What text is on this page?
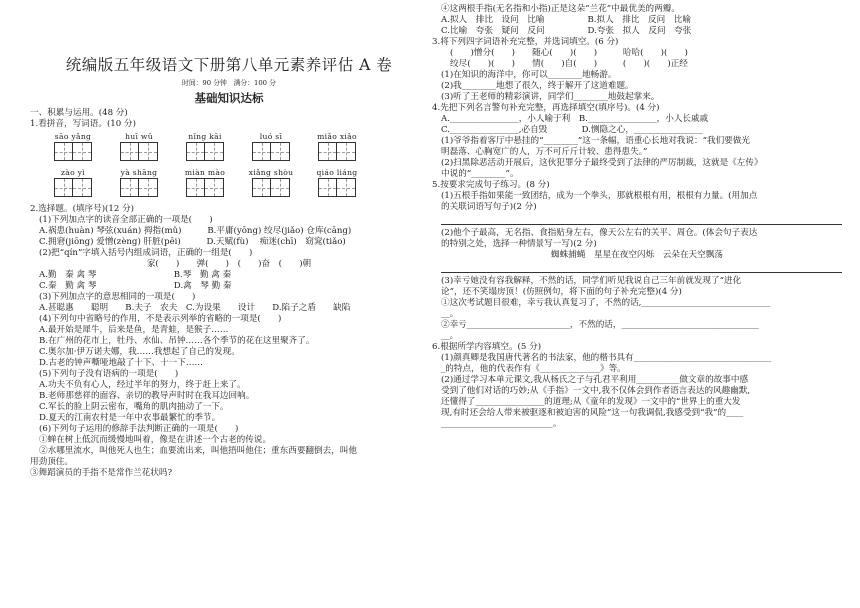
统编版五年级语文下册第八单元素养评估 A 卷
时间：90 分钟　满分：100 分
基础知识达标
一、积累与运用。(48 分)
1.看拼音，写词语。(10 分)
sāo yǎng	huī wǔ	nǐng kāi	luó sī	miǎo xiǎo
zào yì	yà shāng	miàn mào	xiǎng shòu	qiáo liáng
2.选择题。(填序号)(12 分)
(1)下列加点字的读音全部正确的一项是(　　)
A.祸患(huàn) 琴弦(xuán) 拇指(mǔ)　　　B.平庸(yōng) 绞尽(jiǎo) 仓库(cāng)
C.拥窘(jiōng) 爱憎(zèng) 肝脏(pēi)　　　D.天赋(fù)　 痴迷(chī)　窈窕(tiǎo)
(2)把“qín”字填入括号内组成词语，正确的一组是(　　)
家(　　)　　弹(　　)　(　　)奋　(　　)朝
A.勤　秦 禽 琴　　　　　　　　　B.琴　勤 禽 秦
C.秦　勤 禽 琴　　　　　　　　　D.禽　琴 勤 秦
(3)下列加点字的意思相同的一项是(　　)
A.甚聪惠　　聪明　　B.夫子　农夫　C.为设果　　设计　　D.陷子之盾　　缺陷
(4)下列句中省略号的作用，不是表示列举的省略的一项是(　　)
A.最开始是犀牛，后来是鱼，是青蛙，是猴子……
B.在广州的花市上，牡丹、水仙、吊钟……各个季节的花在这里聚齐了。
C.奥尔加·伊万诺夫娜，我……我想起了自己的发现。
D.古老的钟声嘶哑地敲了十下、十一下……
(5)下列句子没有语病的一项是(　　)
A.功夫不负有心人，经过半年的努力，终于赶上来了。
B.老师那慈祥的面容、亲切的教导声时时在我耳边回响。
C.军长的脸上阴云密布，嘴角的肌肉抽动了一下。
D.夏天的江南农村是一年中农事最繁忙的季节。
(6)下列句子运用的修辞手法判断正确的一项是(　　)
①蝉在树上低沉而缓慢地叫着，像是在讲述一个古老的传说。
②水哪里流水，叫他死人也生；血要流出来，叫他捂叫他住；重东西要翻倒去，叫他
用劲顶住。
③舞蹈演员的手指不是常作兰花状吗?
④这两根手指(无名指和小指)正是这朵“兰花”中最优美的两瓣。
A.拟人　排比　设问　比喻　　　　　B.拟人　排比　反问　比喻
C.比喻　夸张　疑问　反问　　　　　D.夸张　拟人　反问　夸张
3.将下列四字词语补充完整，并选词填空。(6 分)
(　　)憎分(　　)　　随心(　　)(　　)　　　哈哈(　　)(　　)
绞尽(　　)(　　)　　情(　　)自(　　)　　　(　　)(　　)正经
(1)在知识的海洋中，你可以________地畅游。
(2)我________地想了很久，终于解开了这道难题。
(3)听了王老师的精彩演讲，同学们________地鼓起掌来。
4.先把下列名言警句补充完整，再选择填空(填序号)。(4 分)
A.________________，小人喻于利　B.________________，小人长戚戚
C.________________,必自毁　　　　D.恻隐之心，________________
(1)爷爷指着客厅中悬挂的“________”这一条幅，语重心长地对我说：“我们要做光
明磊落、心胸宽广的人，万不可斤斤计较、患得患失。”
(2)扫黑除恶活动开展后，这伙犯罪分子最终受到了法律的严厉制裁，这就是《左传》
中说的“________”。
5.按要求完成句子练习。(8 分)
(1)五根手指如果能一致团结，成为一个拳头，那就根根有用，根根有力量。(用加点
的关联词语写句子)(2 分)
(2)他个子最高，无名指、食指贴身左右，像天公左右的关平、周仓。(体会句子表达
的特别之处，选择一种情景写一写)(2 分)
蜘蛛捕蝇　星星在夜空闪烁　云朵在天空飘荡
(3)幸亏她没有容我解释，不然的话，同学们听见我说自己三年前就发现了“进化
论”，还不笑塌房顶！(仿照例句，将下面的句子补充完整)(4 分)
①这次考试题目很难，幸亏我认真复习了，不然的话,______________________________
__。
②幸亏________________________，不然的话，________________________________
__。
6.根据所学内容填空。(5 分)
(1)颜真卿是我国唐代著名的书法家，他的楷书具有________________________________
_的特点，他的代表作有《______________》等。
(2)通过学习本单元课文,我从杨氏之子与孔君平利用__________做文章的故事中感
受到了他们对话的巧妙;从《手指》一文中,我不仅体会到作者语言表达的风趣幽默,
还懂得了________________的道理;从《童年的发现》一文中的“世界上的重大发
现,有时还会给人带来被驱逐和被迫害的风险”这一句我调侃,我感受到“我”的____
__________________________。
